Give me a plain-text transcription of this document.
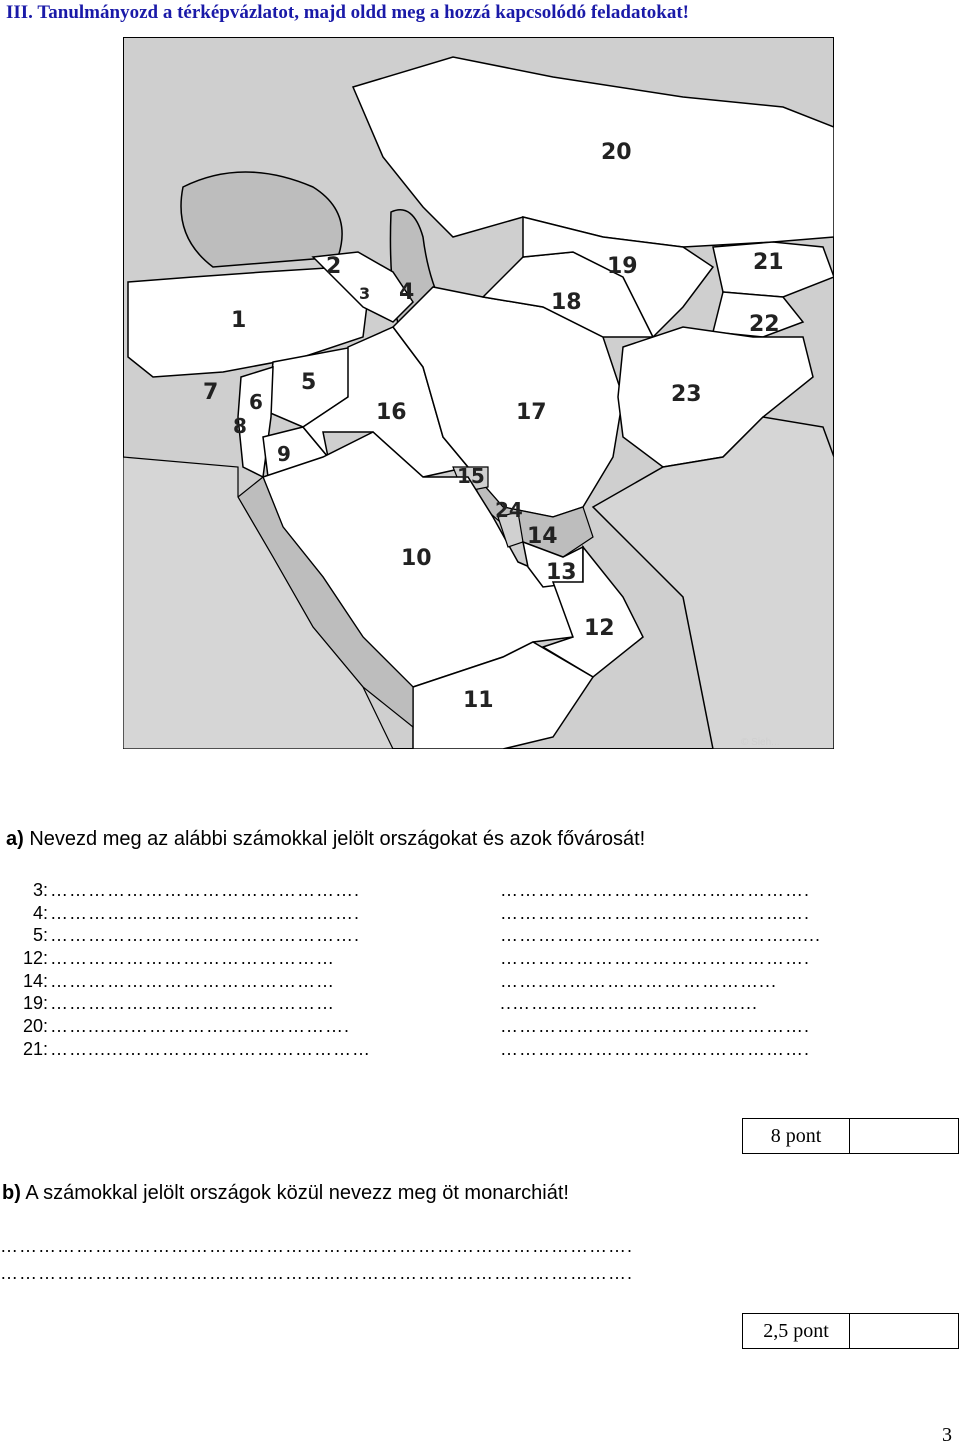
III. Tanulmányozd a térképvázlatot, majd oldd meg a hozzá kapcsolódó feladatokat!
1
2
3 4
5
6
7
8
9
10
11
12
13
14
15
16	17
18
19
20
21
22
23
24
© Sieh...
a) Nevezd meg az alábbi számokkal jelölt országokat és azok fővárosát!
3: ………………………………………….	………………………………………….
4: ………………………………………….	………………………………………….
5: ………………………………………….	………………………………………......
12: ………………………………………	………………………………………….
14: ………………………………………	……..……………………………...
19: ………………………………………	..………………………………...
20: …….......……………....…………….	………………………………………….
21: ……......…………………………………	………………………………………….
8 pont
b) A számokkal jelölt országok közül nevezz meg öt monarchiát!
……………………………………………………………………………………….
……………………………………………………………………………………….
2,5 pont
3
